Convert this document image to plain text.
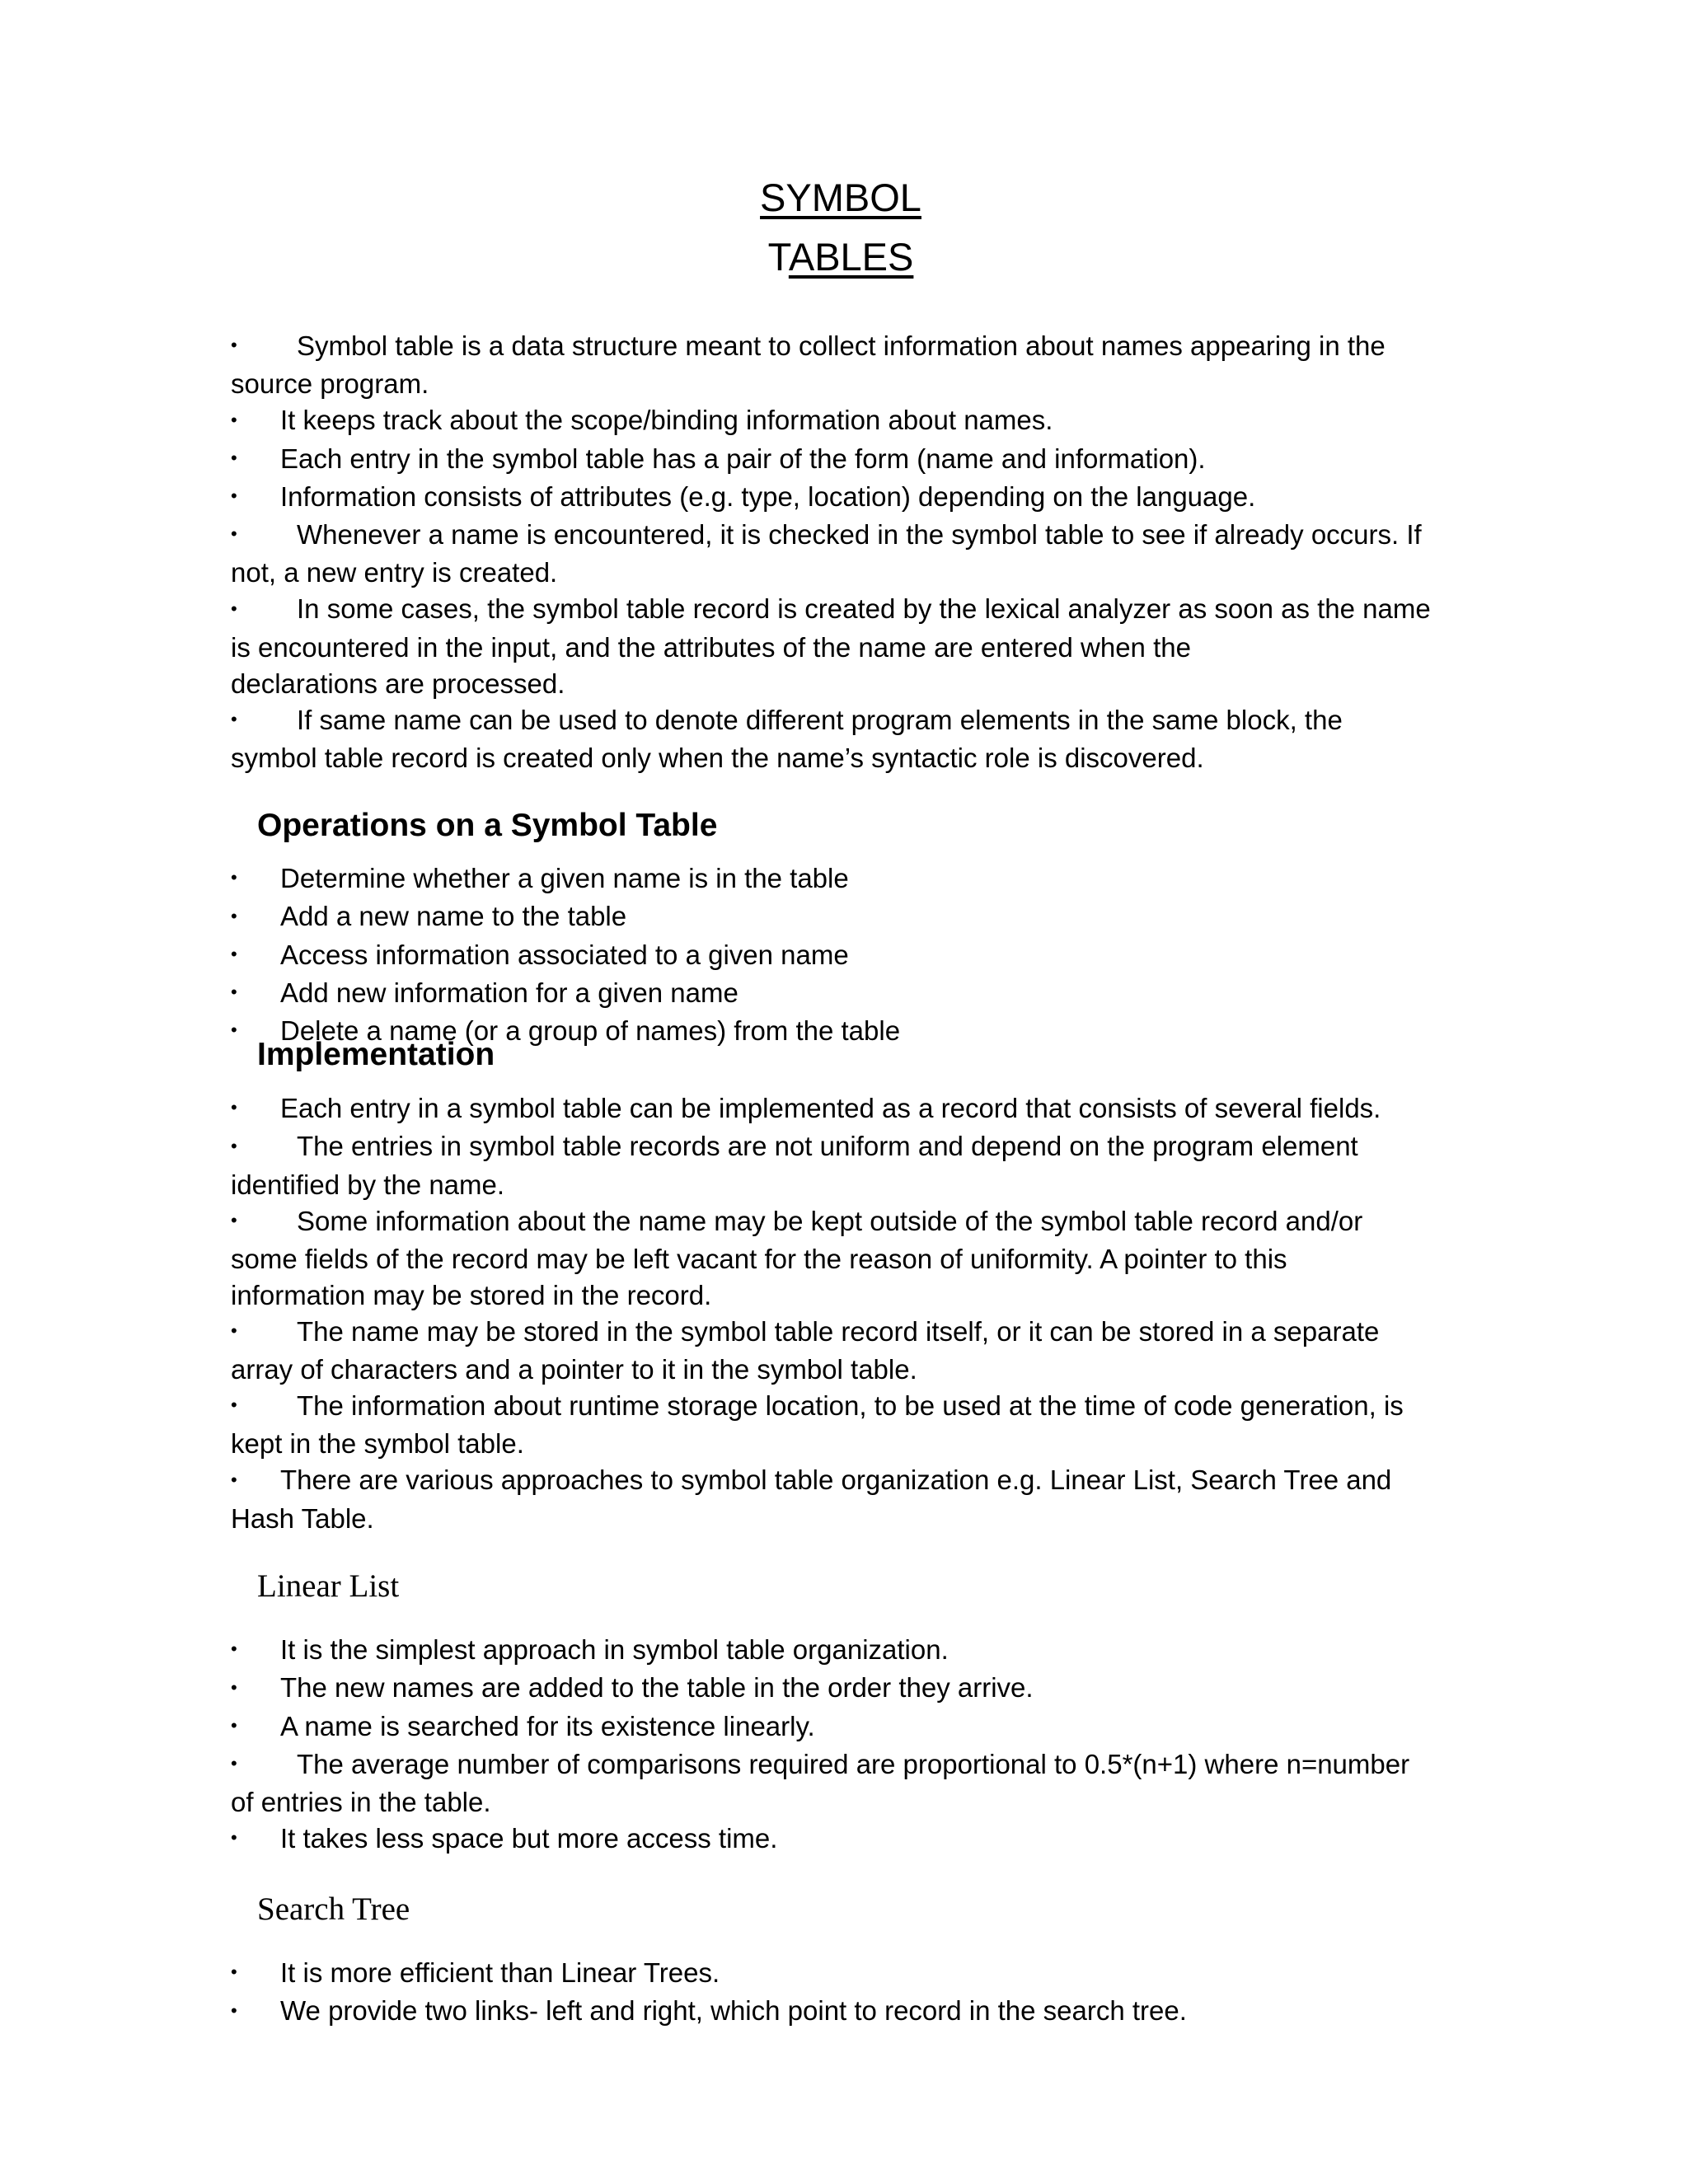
SYMBOL
TABLES

• Symbol table is a data structure meant to collect information about names appearing in the

source program.

• It keeps track about the scope/binding information about names.

• Each entry in the symbol table has a pair of the form (name and information).

• Information consists of attributes (e.g. type, location) depending on the language.

• Whenever a name is encountered, it is checked in the symbol table to see if already occurs. If

not, a new entry is created.

• In some cases, the symbol table record is created by the lexical analyzer as soon as the name

is encountered in the input, and the attributes of the name are entered when the

declarations are processed.

• If same name can be used to denote different program elements in the same block, the

symbol table record is created only when the name’s syntactic role is discovered.

Operations on a Symbol Table

• Determine whether a given name is in the table

• Add a new name to the table

• Access information associated to a given name

• Add new information for a given name

• Delete a name (or a group of names) from the table

Implementation

• Each entry in a symbol table can be implemented as a record that consists of several fields.

• The entries in symbol table records are not uniform and depend on the program element

identified by the name.

• Some information about the name may be kept outside of the symbol table record and/or

some fields of the record may be left vacant for the reason of uniformity. A pointer to this

information may be stored in the record.

• The name may be stored in the symbol table record itself, or it can be stored in a separate

array of characters and a pointer to it in the symbol table.

• The information about runtime storage location, to be used at the time of code generation, is

kept in the symbol table.

• There are various approaches to symbol table organization e.g. Linear List, Search Tree and

Hash Table.

Linear List

• It is the simplest approach in symbol table organization.

• The new names are added to the table in the order they arrive.

• A name is searched for its existence linearly.

• The average number of comparisons required are proportional to 0.5*(n+1) where n=number

of entries in the table.

• It takes less space but more access time.

Search Tree

• It is more efficient than Linear Trees.

• We provide two links- left and right, which point to record in the search tree.
